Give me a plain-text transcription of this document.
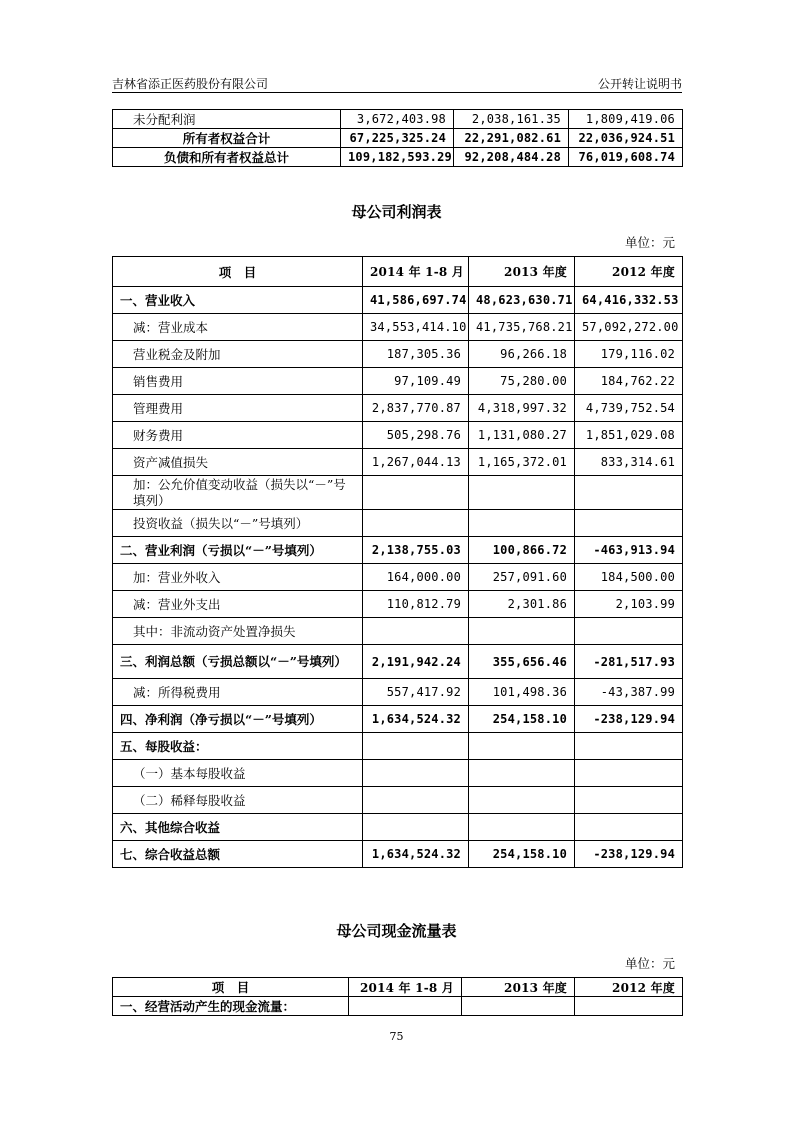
吉林省添正医药股份有限公司	公开转让说明书
未分配利润	3,672,403.98	2,038,161.35	1,809,419.06
所有者权益合计	67,225,325.24	22,291,082.61	22,036,924.51
负债和所有者权益总计	109,182,593.29	92,208,484.28	76,019,608.74
母公司利润表
单位：元
项　目	2014 年 1-8 月	2013 年度	2012 年度
一、营业收入	41,586,697.74	48,623,630.71	64,416,332.53
减：营业成本	34,553,414.10	41,735,768.21	57,092,272.00
营业税金及附加	187,305.36	96,266.18	179,116.02
销售费用	97,109.49	75,280.00	184,762.22
管理费用	2,837,770.87	4,318,997.32	4,739,752.54
财务费用	505,298.76	1,131,080.27	1,851,029.08
资产减值损失	1,267,044.13	1,165,372.01	833,314.61
加：公允价值变动收益（损失以“－”号填列）			
投资收益（损失以“－”号填列）			
二、营业利润（亏损以“－”号填列）	2,138,755.03	100,866.72	-463,913.94
加：营业外收入	164,000.00	257,091.60	184,500.00
减：营业外支出	110,812.79	2,301.86	2,103.99
其中：非流动资产处置净损失			
三、利润总额（亏损总额以“－”号填列）	2,191,942.24	355,656.46	-281,517.93
减：所得税费用	557,417.92	101,498.36	-43,387.99
四、净利润（净亏损以“－”号填列）	1,634,524.32	254,158.10	-238,129.94
五、每股收益：			
（一）基本每股收益			
（二）稀释每股收益			
六、其他综合收益			
七、综合收益总额	1,634,524.32	254,158.10	-238,129.94
母公司现金流量表
单位：元
项　目	2014 年 1-8 月	2013 年度	2012 年度
一、经营活动产生的现金流量：			
75
